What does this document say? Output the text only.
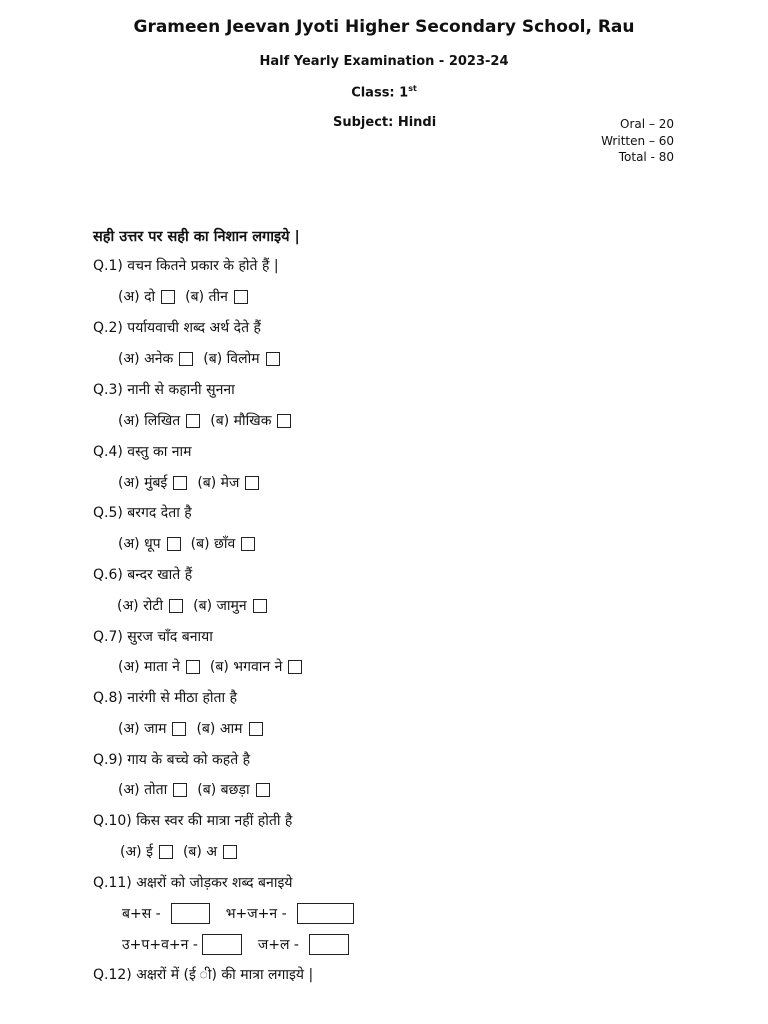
Grameen Jeevan Jyoti Higher Secondary School, Rau
Half Yearly Examination - 2023-24
Class: 1st
Subject: Hindi	Oral – 20
Written – 60
Total - 80
सही उत्तर पर सही का निशान लगाइये |
Q.1) वचन कितने प्रकार के होते हैं |
(अ) दो (ब) तीन
Q.2) पर्यायवाची शब्द अर्थ देते हैं
(अ) अनेक (ब) विलोम
Q.3) नानी से कहानी सुनना
(अ) लिखित (ब) मौखिक
Q.4) वस्तु का नाम
(अ) मुंबई (ब) मेज
Q.5) बरगद देता है
(अ) धूप (ब) छाँव
Q.6) बन्दर खाते हैं
(अ) रोटी (ब) जामुन
Q.7) सुरज चाँद बनाया
(अ) माता ने (ब) भगवान ने
Q.8) नारंगी से मीठा होता है
(अ) जाम (ब) आम
Q.9) गाय के बच्चे को कहते है
(अ) तोता (ब) बछड़ा
Q.10) किस स्वर की मात्रा नहीं होती है
(अ) ई (ब) अ
Q.11) अक्षरों को जोड़कर शब्द बनाइये
ब+स -	भ+ज+न -
उ+प+व+न -	ज+ल -
Q.12) अक्षरों में (ई ी) की मात्रा लगाइये |
